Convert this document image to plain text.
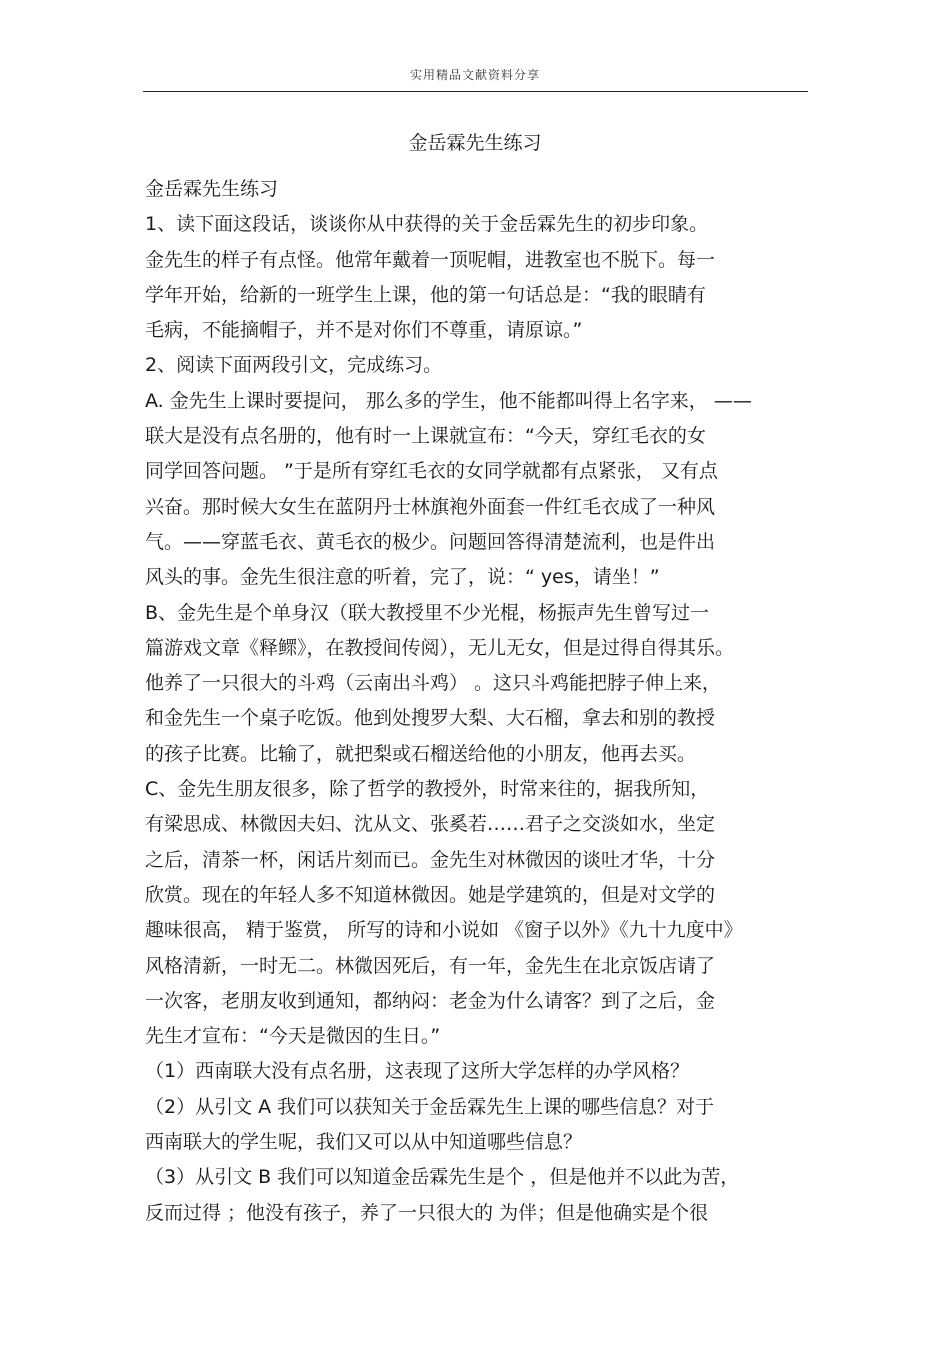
实用精品文献资料分享
金岳霖先生练习

金岳霖先生练习

1、读下面这段话，谈谈你从中获得的关于金岳霖先生的初步印象。

金先生的样子有点怪。他常年戴着一顶呢帽，进教室也不脱下。每一

学年开始，给新的一班学生上课，他的第一句话总是：“我的眼睛有

毛病，不能摘帽子，并不是对你们不尊重，请原谅。”

2、阅读下面两段引文，完成练习。

A. 金先生上课时要提问， 那么多的学生，他不能都叫得上名字来， ——

联大是没有点名册的，他有时一上课就宣布：“今天，穿红毛衣的女

同学回答问题。 ”于是所有穿红毛衣的女同学就都有点紧张， 又有点

兴奋。那时候大女生在蓝阴丹士林旗袍外面套一件红毛衣成了一种风

气。——穿蓝毛衣、黄毛衣的极少。问题回答得清楚流利，也是件出

风头的事。金先生很注意的听着，完了，说：“ yes，请坐！”

B、金先生是个单身汉（联大教授里不少光棍，杨振声先生曾写过一

篇游戏文章《释鳏》，在教授间传阅），无儿无女，但是过得自得其乐。

他养了一只很大的斗鸡（云南出斗鸡） 。这只斗鸡能把脖子伸上来，

和金先生一个桌子吃饭。他到处搜罗大梨、大石榴，拿去和别的教授

的孩子比赛。比输了，就把梨或石榴送给他的小朋友，他再去买。

C、金先生朋友很多，除了哲学的教授外，时常来往的，据我所知，

有梁思成、林微因夫妇、沈从文、张奚若……君子之交淡如水，坐定

之后，清茶一杯，闲话片刻而已。金先生对林微因的谈吐才华，十分

欣赏。现在的年轻人多不知道林微因。她是学建筑的，但是对文学的

趣味很高， 精于鉴赏， 所写的诗和小说如 《窗子以外》《九十九度中》

风格清新，一时无二。林微因死后，有一年，金先生在北京饭店请了

一次客，老朋友收到通知，都纳闷：老金为什么请客？到了之后，金

先生才宣布：“今天是微因的生日。”

（1）西南联大没有点名册，这表现了这所大学怎样的办学风格？

（2）从引文 A 我们可以获知关于金岳霖先生上课的哪些信息？对于

西南联大的学生呢，我们又可以从中知道哪些信息？

（3）从引文 B 我们可以知道金岳霖先生是个 ，但是他并不以此为苦，

反而过得 ；他没有孩子，养了一只很大的 为伴；但是他确实是个很
